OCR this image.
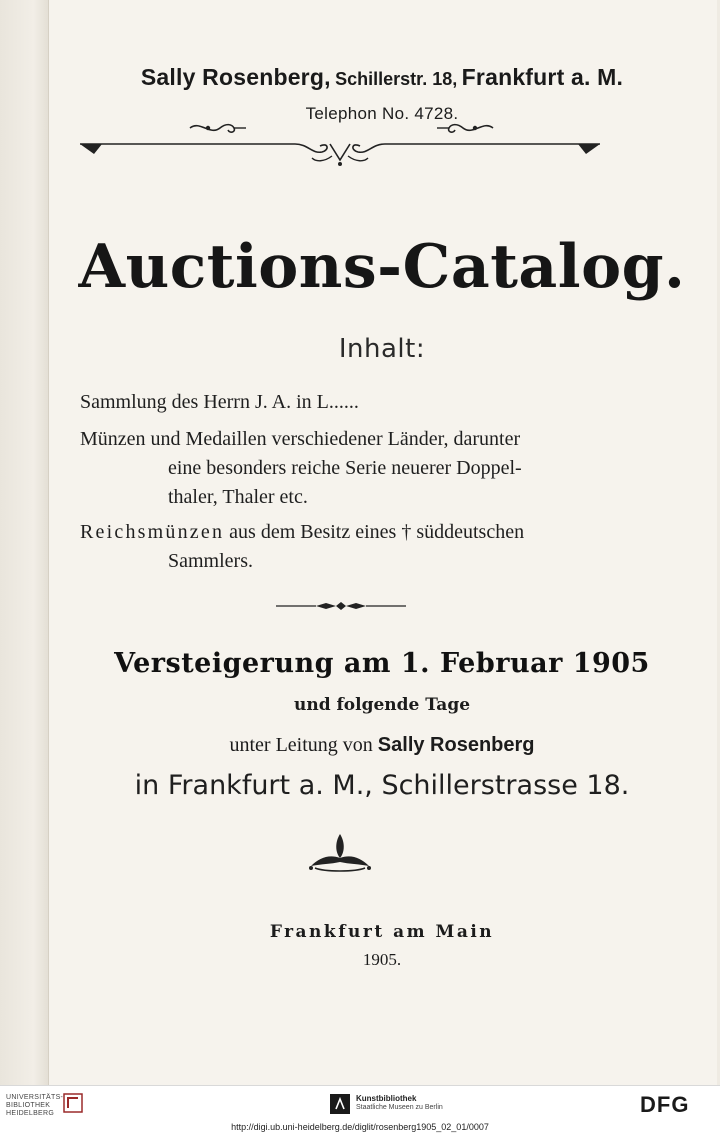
Sally Rosenberg, Schillerstr. 18, Frankfurt a. M.
Telephon No. 4728.
Auctions-Catalog.
Inhalt:
Sammlung des Herrn J. A. in L......
Münzen und Medaillen verschiedener Länder, darunter
eine besonders reiche Serie neuerer Doppel-
thaler, Thaler etc.
Reichsmünzen aus dem Besitz eines † süddeutschen
Sammlers.
Versteigerung am 1. Februar 1905
und folgende Tage
unter Leitung von Sally Rosenberg
in Frankfurt a. M., Schillerstrasse 18.
Frankfurt am Main
1905.
UNIVERSITÄTS-
BIBLIOTHEK
HEIDELBERG
Kunstbibliothek
Staatliche Museen zu Berlin	DFG
http://digi.ub.uni-heidelberg.de/diglit/rosenberg1905_02_01/0007
